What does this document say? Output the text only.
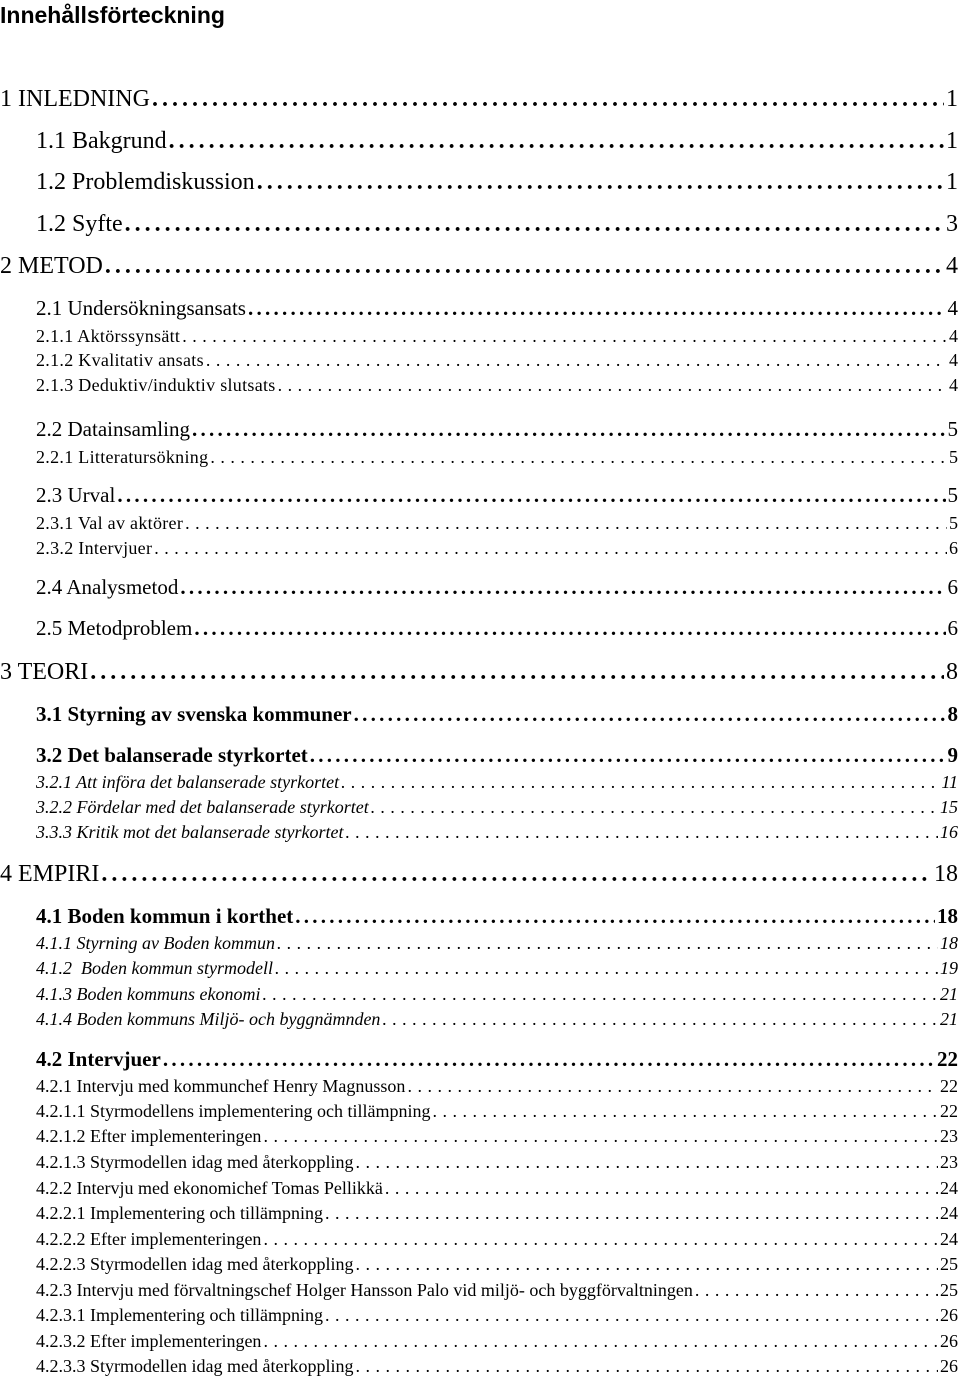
Innehållsförteckning
1 INLEDNING . . .	1
1.1 Bakgrund . . .	1
1.2 Problemdiskussion . . .	1
1.2 Syfte . . .	3
2 METOD . . .	4
2.1 Undersökningsansats . . .	4
2.1.1 Aktörssynsätt . . .	4
2.1.2 Kvalitativ ansats . . .	4
2.1.3 Deduktiv/induktiv slutsats . . .	4
2.2 Datainsamling . . .	5
2.2.1 Litteratursökning . . .	5
2.3 Urval . . .	5
2.3.1 Val av aktörer . . .	5
2.3.2 Intervjuer . . .	6
2.4 Analysmetod . . .	6
2.5 Metodproblem . . .	6
3 TEORI . . .	8
3.1 Styrning av svenska kommuner . . .	8
3.2 Det balanserade styrkortet . . .	9
3.2.1 Att införa det balanserade styrkortet . . .	11
3.2.2 Fördelar med det balanserade styrkortet . . .	15
3.3.3 Kritik mot det balanserade styrkortet . . .	16
4 EMPIRI . . .	18
4.1 Boden kommun i korthet . . .	18
4.1.1 Styrning av Boden kommun . . .	18
4.1.2  Boden kommun styrmodell . . .	19
4.1.3 Boden kommuns ekonomi . . .	21
4.1.4 Boden kommuns Miljö- och byggnämnden . . .	21
4.2 Intervjuer . . .	22
4.2.1 Intervju med kommunchef Henry Magnusson . . .	22
4.2.1.1 Styrmodellens implementering och tillämpning . . .	22
4.2.1.2 Efter implementeringen . . .	23
4.2.1.3 Styrmodellen idag med återkoppling . . .	23
4.2.2 Intervju med ekonomichef Tomas Pellikkä . . .	24
4.2.2.1 Implementering och tillämpning . . .	24
4.2.2.2 Efter implementeringen . . .	24
4.2.2.3 Styrmodellen idag med återkoppling . . .	25
4.2.3 Intervju med förvaltningschef Holger Hansson Palo vid miljö- och byggförvaltningen . . .	25
4.2.3.1 Implementering och tillämpning . . .	26
4.2.3.2 Efter implementeringen . . .	26
4.2.3.3 Styrmodellen idag med återkoppling . . .	26
